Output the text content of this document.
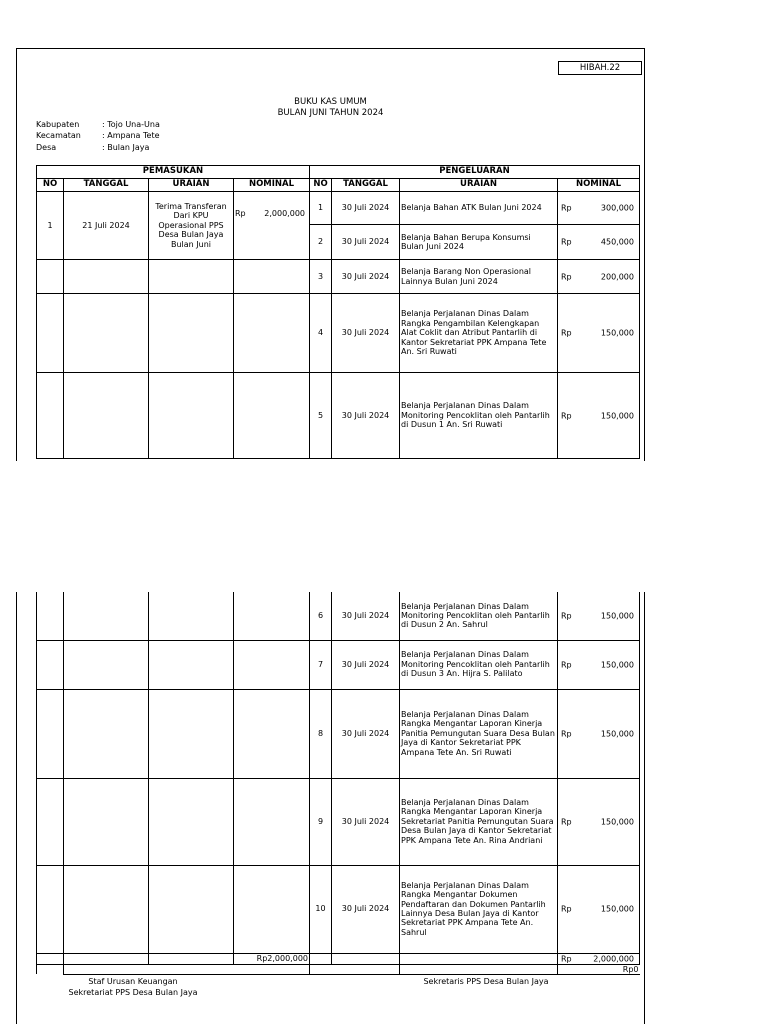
HIBAH.22
BUKU KAS UMUM
BULAN JUNI TAHUN 2024
Kabupaten	: Tojo Una-Una
Kecamatan	: Ampana Tete
Desa	: Bulan Jaya
PEMASUKAN				PENGELUARAN			
NO	TANGGAL	URAIAN	NOMINAL	NO	TANGGAL	URAIAN	NOMINAL
1	21 Juli 2024	Terima Transferan Dari KPU Operasional PPS Desa Bulan Jaya Bulan Juni	Rp 2,000,000	1	30 Juli 2024	Belanja Bahan ATK Bulan Juni 2024	Rp 300,000

				2	30 Juli 2024	Belanja Bahan Berupa Konsumsi Bulan Juni 2024	Rp 450,000

				3	30 Juli 2024	Belanja Barang Non Operasional Lainnya Bulan Juni 2024	Rp 200,000

				4	30 Juli 2024	Belanja Perjalanan Dinas Dalam Rangka Pengambilan Kelengkapan Alat Coklit dan Atribut Pantarlih di Kantor Sekretariat PPK Ampana Tete An. Sri Ruwati	Rp 150,000

				5	30 Juli 2024	Belanja Perjalanan Dinas Dalam Monitoring Pencoklitan oleh Pantarlih di Dusun 1 An. Sri Ruwati	Rp 150,000
				6	30 Juli 2024	Belanja Perjalanan Dinas Dalam Monitoring Pencoklitan oleh Pantarlih di Dusun 2 An. Sahrul	Rp 150,000

				7	30 Juli 2024	Belanja Perjalanan Dinas Dalam Monitoring Pencoklitan oleh Pantarlih di Dusun 3 An. Hijra S. Palilato	Rp 150,000

				8	30 Juli 2024	Belanja Perjalanan Dinas Dalam Rangka Mengantar Laporan Kinerja Panitia Pemungutan Suara Desa Bulan Jaya di Kantor Sekretariat PPK Ampana Tete An. Sri Ruwati	Rp 150,000

				9	30 Juli 2024	Belanja Perjalanan Dinas Dalam Rangka Mengantar Laporan Kinerja Sekretariat Panitia Pemungutan Suara Desa Bulan Jaya di Kantor Sekretariat PPK Ampana Tete An. Rina Andriani	Rp 150,000

				10	30 Juli 2024	Belanja Perjalanan Dinas Dalam Rangka Mengantar Dokumen Pendaftaran dan Dokumen Pantarlih Lainnya Desa Bulan Jaya di Kantor Sekretariat PPK Ampana Tete An. Sahrul	Rp 150,000

			Rp2,000,000				Rp 2,000,000

							Rp0
Staf Urusan Keuangan
Sekretariat PPS Desa Bulan Jaya
Sekretaris PPS Desa Bulan Jaya
